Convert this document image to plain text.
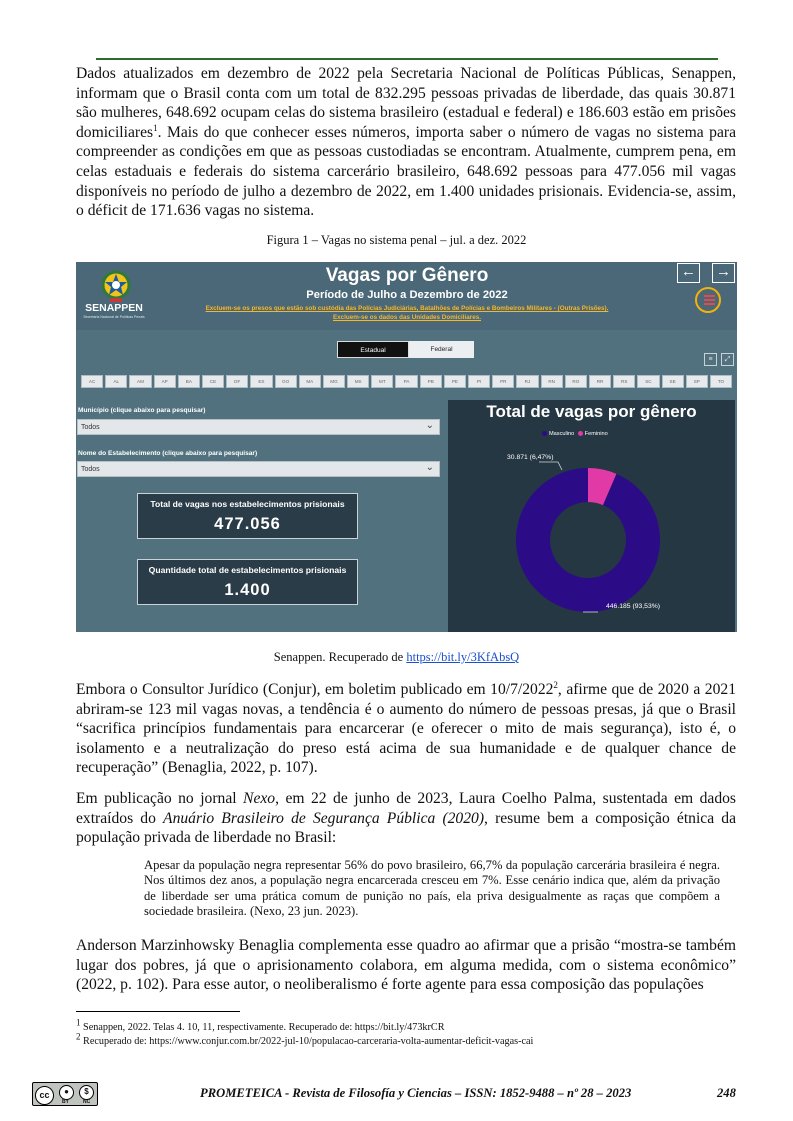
Dados atualizados em dezembro de 2022 pela Secretaria Nacional de Políticas Públicas, Senappen, informam que o Brasil conta com um total de 832.295 pessoas privadas de liberdade, das quais 30.871 são mulheres, 648.692 ocupam celas do sistema brasileiro (estadual e federal) e 186.603 estão em prisões domiciliares$^1$. Mais do que conhecer esses números, importa saber o número de vagas no sistema para compreender as condições em que as pessoas custodiadas se encontram. Atualmente, cumprem pena, em celas estaduais e federais do sistema carcerário brasileiro, 648.692 pessoas para 477.056 mil vagas disponíveis no período de julho a dezembro de 2022, em 1.400 unidades prisionais. Evidencia-se, assim, o déficit de 171.636 vagas no sistema.

Figura 1 – Vagas no sistema penal – jul. a dez. 2022
SENAPPEN
Secretaria Nacional de Políticas Penais
Vagas por Gênero
Período de Julho a Dezembro de 2022
Excluem-se os presos que estão sob custódia das Polícias Judiciárias, Batalhões de Polícias e Bombeiros Militares - (Outras Prisões).
Excluem-se os dados das Unidades Domiciliares.
← →
Estadual	Federal
≡	⤢
AC	AL	AM	AP	BA	CE	DF	ES	GO	MA	MG	MS	MT	PA	PB	PE	PI	PR	RJ	RN	RO	RR	RS	SC	SE	SP	TO
Município (clique abaixo para pesquisar)
Todos	⌄
Nome do Estabelecimento (clique abaixo para pesquisar)
Todos	⌄
Total de vagas nos estabelecimentos prisionais
477.056
Quantidade total de estabelecimentos prisionais
1.400
Total de vagas por gênero
Masculino Feminino
30.871 (6,47%)
446.185 (93,53%)
Senappen. Recuperado de https://bit.ly/3KfAbsQ

Embora o Consultor Jurídico (Conjur), em boletim publicado em 10/7/2022$^2$, afirme que de 2020 a 2021 abriram-se 123 mil vagas novas, a tendência é o aumento do número de pessoas presas, já que o Brasil “sacrifica princípios fundamentais para encarcerar (e oferecer o mito de mais segurança), isto é, o isolamento e a neutralização do preso está acima de sua humanidade e de qualquer chance de recuperação” (Benaglia, 2022, p. 107).

Em publicação no jornal Nexo, em 22 de junho de 2023, Laura Coelho Palma, sustentada em dados extraídos do Anuário Brasileiro de Segurança Pública (2020), resume bem a composição étnica da população privada de liberdade no Brasil:

Apesar da população negra representar 56% do povo brasileiro, 66,7% da população carcerária brasileira é negra. Nos últimos dez anos, a população negra encarcerada cresceu em 7%. Esse cenário indica que, além da privação de liberdade ser uma prática comum de punição no país, ela priva desigualmente as raças que compõem a sociedade brasileira. (Nexo, 23 jun. 2023).

Anderson Marzinhowsky Benaglia complementa esse quadro ao afirmar que a prisão “mostra-se também lugar dos pobres, já que o aprisionamento colabora, em alguma medida, com o sistema econômico” (2022, p. 102). Para esse autor, o neoliberalismo é forte agente para essa composição das populações

$^1$ Senappen, 2022. Telas 4. 10, 11, respectivamente. Recuperado de: https://bit.ly/473krCR

$^2$ Recuperado de: https://www.conjur.com.br/2022-jul-10/populacao-carceraria-volta-aumentar-deficit-vagas-cai

cc	●	$
BY	NC
PROMETEICA - Revista de Filosofía y Ciencias – ISSN: 1852-9488 – nº 28 – 2023	248
